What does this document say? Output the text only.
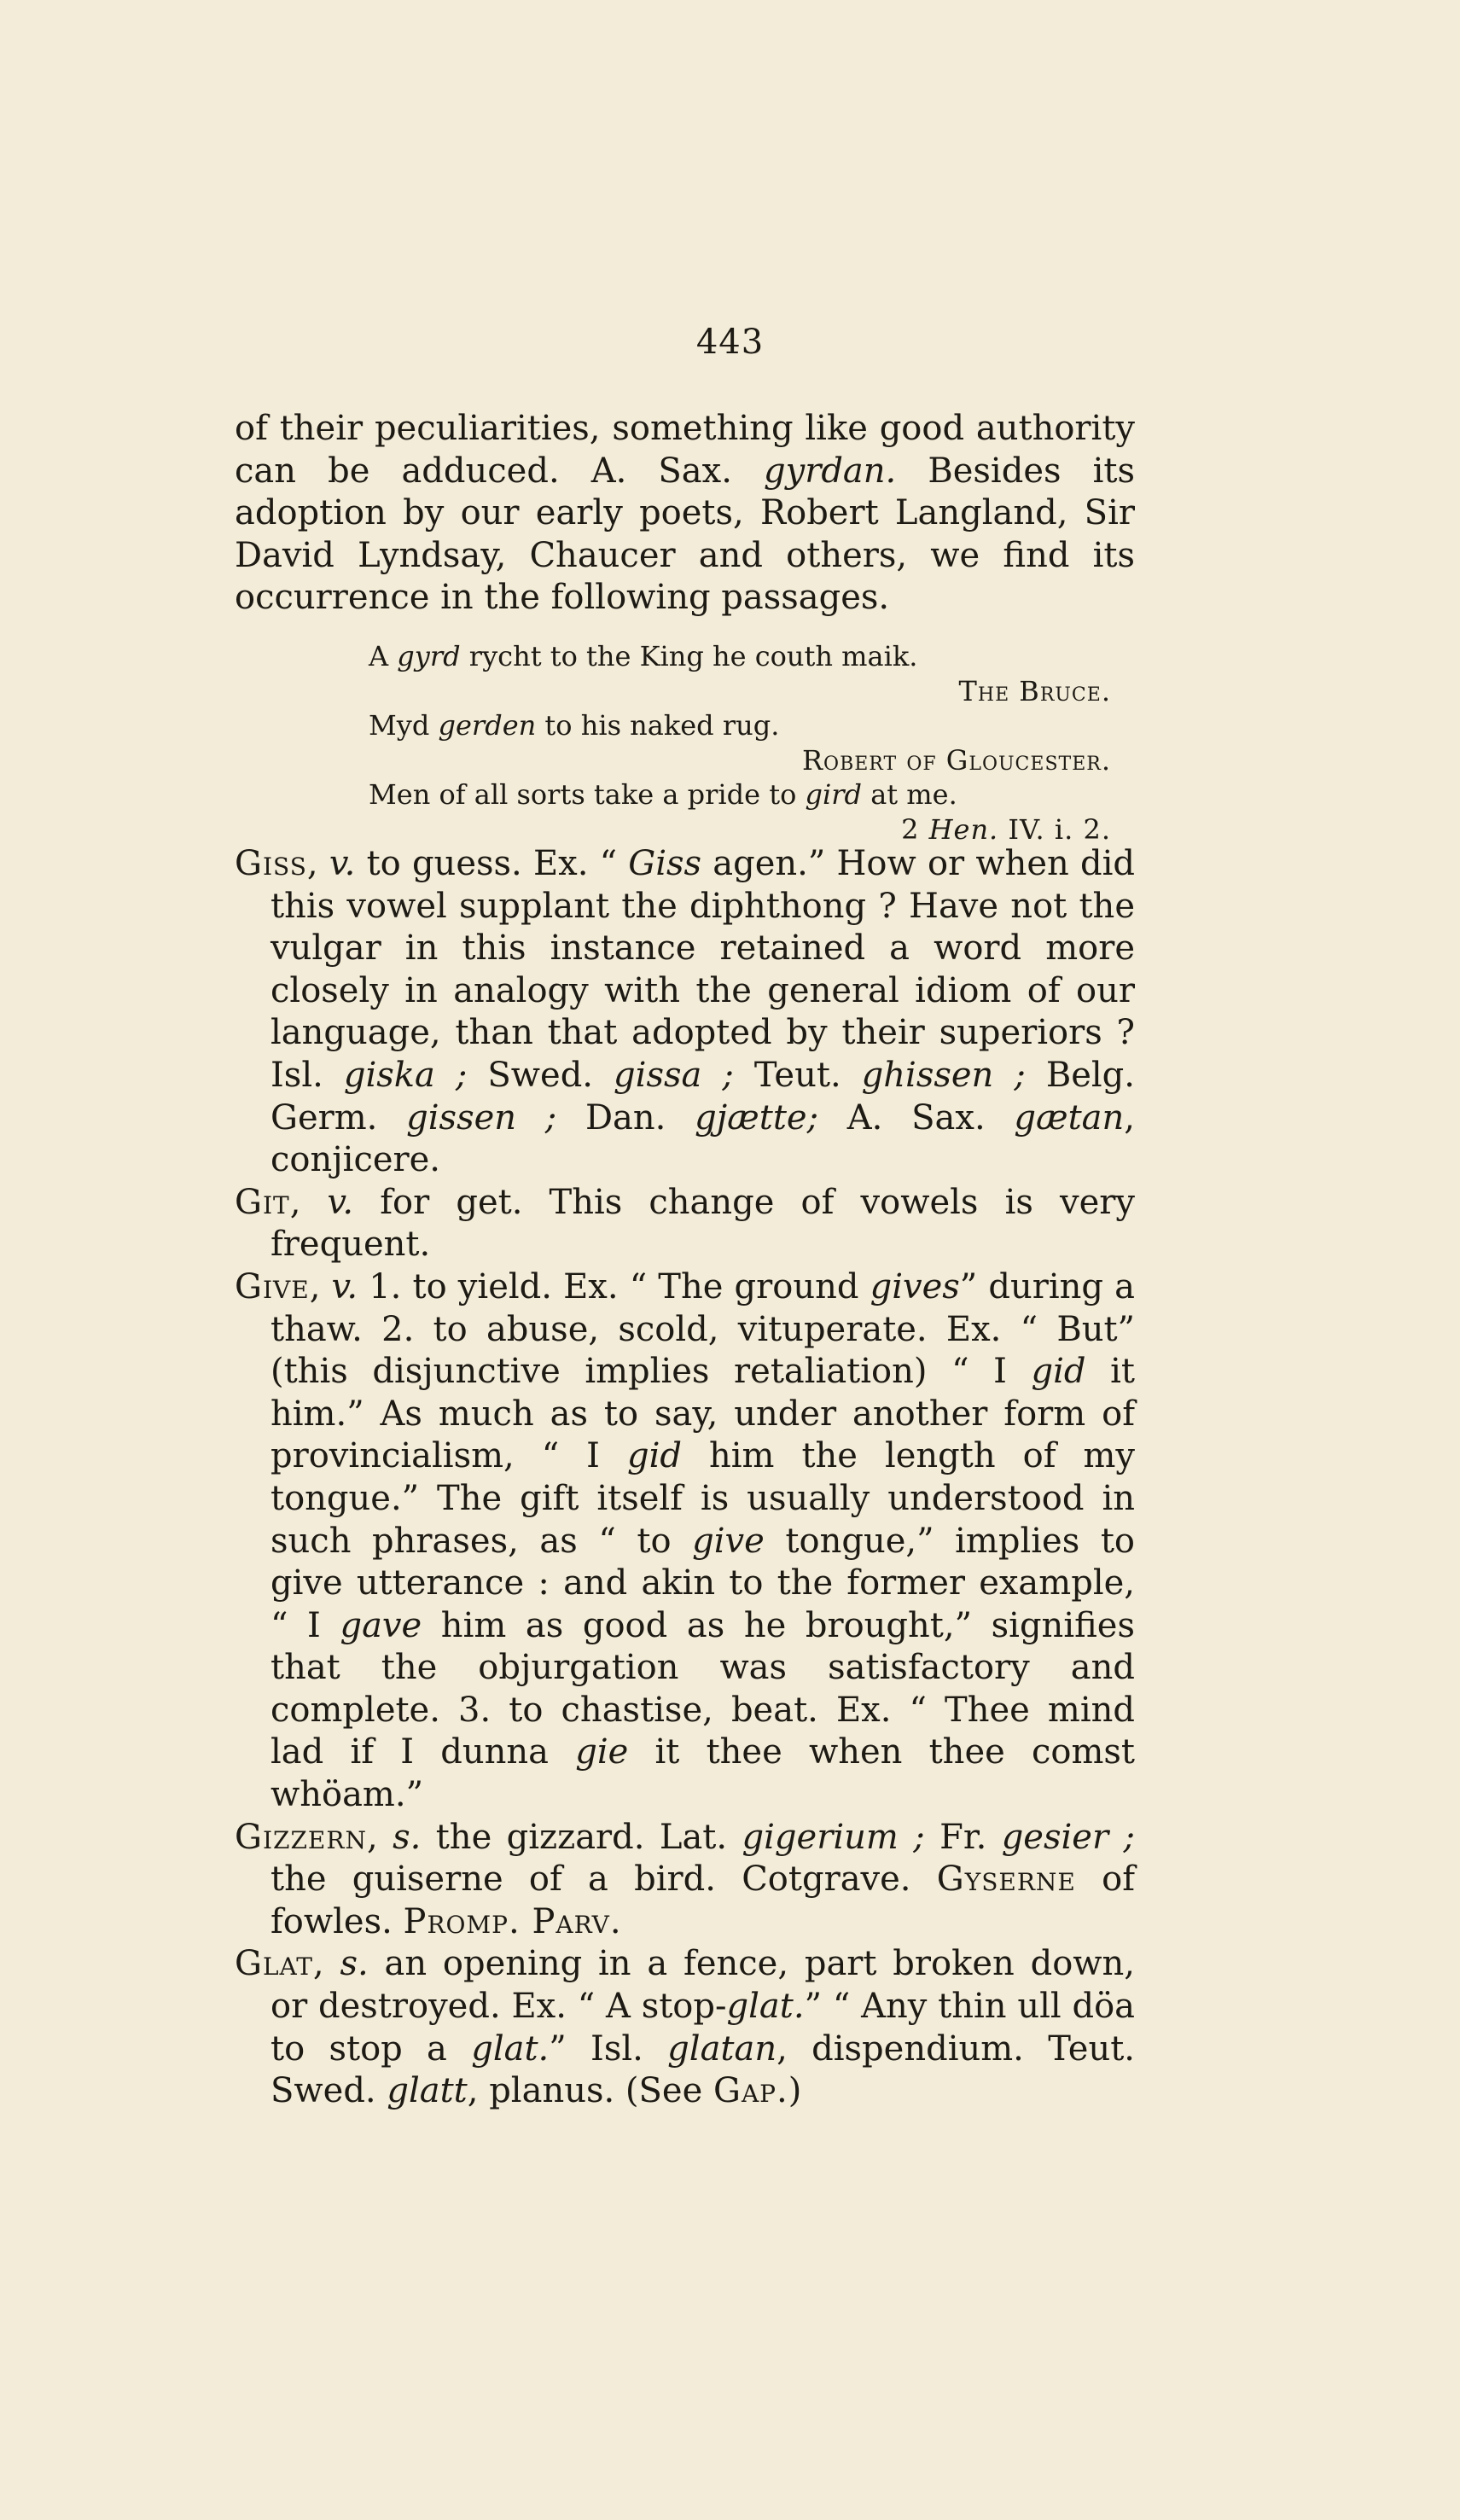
443

of their peculiarities, something like good authority can be adduced. A. Sax. gyrdan. Besides its adoption by our early poets, Robert Langland, Sir David Lyndsay, Chaucer and others, we find its occurrence in the following passages.

A gyrd rycht to the King he couth maik.
The Bruce.
Myd gerden to his naked rug.
Robert of Gloucester.
Men of all sorts take a pride to gird at me.
2 Hen. IV. i. 2.

Giss, v. to guess. Ex. “ Giss agen.” How or when did this vowel supplant the diphthong ? Have not the vulgar in this instance retained a word more closely in analogy with the general idiom of our language, than that adopted by their superiors ? Isl. giska ; Swed. gissa ; Teut. ghissen ; Belg. Germ. gissen ; Dan. gjætte; A. Sax. gætan, conjicere.

Git, v. for get. This change of vowels is very frequent.

Give, v. 1. to yield. Ex. “ The ground gives” during a thaw. 2. to abuse, scold, vituperate. Ex. “ But” (this disjunctive implies retaliation) “ I gid it him.” As much as to say, under another form of provincialism, “ I gid him the length of my tongue.” The gift itself is usually understood in such phrases, as “ to give tongue,” implies to give utterance : and akin to the former example, “ I gave him as good as he brought,” signifies that the objurgation was satisfactory and complete. 3. to chastise, beat. Ex. “ Thee mind lad if I dunna gie it thee when thee comst whöam.”

Gizzern, s. the gizzard. Lat. gigerium ; Fr. gesier ; the guiserne of a bird. Cotgrave. Gyserne of fowles. Promp. Parv.

Glat, s. an opening in a fence, part broken down, or destroyed. Ex. “ A stop-glat.” “ Any thin ull döa to stop a glat.” Isl. glatan, dispendium. Teut. Swed. glatt, planus. (See Gap.)
